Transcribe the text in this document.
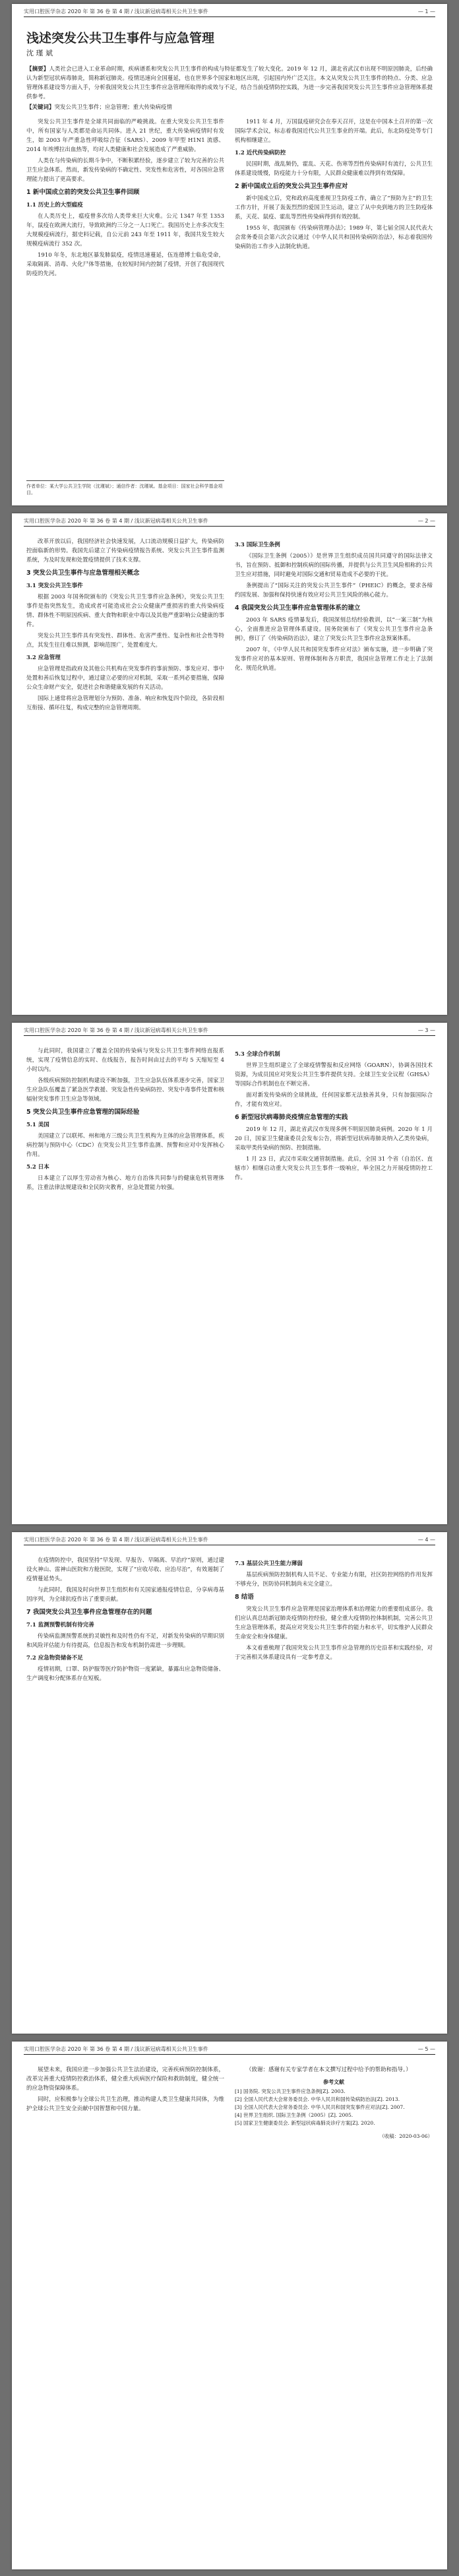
实用口腔医学杂志 2020 年 第 36 卷 第 4 期 / 浅议新冠病毒相关公共卫生事件	— 1 —
浅述突发公共卫生事件与应急管理
沈 瑾 斌
【摘要】人类社会已进入工业革命时期，疾病谱系和突发公共卫生事件的构成与特征都发生了较大变化。2019 年 12 月，湖北省武汉市出现不明原因肺炎，后经确认为新型冠状病毒肺炎，简称新冠肺炎。疫情迅速向全国蔓延，也在世界多个国家和地区出现，引起国内外广泛关注。本文从突发公共卫生事件的特点、分类、应急管理体系建设等方面入手，分析我国突发公共卫生事件应急管理所取得的成效与不足，结合当前疫情防控实践，为进一步完善我国突发公共卫生事件应急管理体系提供参考。
【关键词】突发公共卫生事件；应急管理；重大传染病疫情

突发公共卫生事件是全球共同面临的严峻挑战。在重大突发公共卫生事件中，所有国家与人类都是命运共同体。进入 21 世纪，重大传染病疫情时有发生，如 2003 年严重急性呼吸综合征（SARS）、2009 年甲型 H1N1 流感、2014 年埃博拉出血热等，均对人类健康和社会发展造成了严重威胁。

人类在与传染病的长期斗争中，不断积累经验，逐步建立了较为完善的公共卫生应急体系。然而，新发传染病的不确定性、突发性和危害性，对各国应急管理能力提出了更高要求。

1 新中国成立前的突发公共卫生事件回顾
1.1 历史上的大型瘟疫

在人类历史上，瘟疫曾多次给人类带来巨大灾难。公元 1347 年至 1353 年，鼠疫在欧洲大流行，导致欧洲约三分之一人口死亡。我国历史上亦多次发生大规模疫病流行，据史料记载，自公元前 243 年至 1911 年，我国共发生较大规模疫病流行 352 次。

1910 年冬，东北地区暴发肺鼠疫，疫情迅速蔓延，伍连德博士临危受命，采取隔离、消毒、火化尸体等措施，在较短时间内控制了疫情，开创了我国现代防疫的先河。

1911 年 4 月，万国鼠疫研究会在奉天召开，这是在中国本土召开的第一次国际学术会议，标志着我国近代公共卫生事业的开端。此后，东北防疫处等专门机构相继建立。

1.2 近代传染病防控

民国时期，战乱频仍，霍乱、天花、伤寒等烈性传染病时有流行，公共卫生体系建设缓慢，防疫能力十分有限，人民群众健康难以得到有效保障。

2 新中国成立后的突发公共卫生事件应对

新中国成立后，党和政府高度重视卫生防疫工作，确立了“预防为主”的卫生工作方针，开展了轰轰烈烈的爱国卫生运动，建立了从中央到地方的卫生防疫体系，天花、鼠疫、霍乱等烈性传染病得到有效控制。

1955 年，我国颁布《传染病管理办法》；1989 年，第七届全国人民代表大会常务委员会第六次会议通过《中华人民共和国传染病防治法》，标志着我国传染病防治工作步入法制化轨道。

作者单位：某大学公共卫生学院（沈瑾斌）；通信作者：沈瑾斌。基金项目：国家社会科学基金项目。
实用口腔医学杂志 2020 年 第 36 卷 第 4 期 / 浅议新冠病毒相关公共卫生事件	— 2 —

改革开放以后，我国经济社会快速发展，人口流动规模日益扩大，传染病防控面临新的形势。我国先后建立了传染病疫情报告系统、突发公共卫生事件监测系统，为及时发现和处置疫情提供了技术支撑。

3 突发公共卫生事件与应急管理相关概念
3.1 突发公共卫生事件

根据 2003 年国务院颁布的《突发公共卫生事件应急条例》，突发公共卫生事件是指突然发生，造成或者可能造成社会公众健康严重损害的重大传染病疫情、群体性不明原因疾病、重大食物和职业中毒以及其他严重影响公众健康的事件。

突发公共卫生事件具有突发性、群体性、危害严重性、复杂性和社会性等特点，其发生往往难以预测，影响范围广，处置难度大。

3.2 应急管理

应急管理是指政府及其他公共机构在突发事件的事前预防、事发应对、事中处置和善后恢复过程中，通过建立必要的应对机制，采取一系列必要措施，保障公众生命财产安全，促进社会和谐健康发展的有关活动。

国际上通常将应急管理划分为预防、准备、响应和恢复四个阶段，各阶段相互衔接、循环往复，构成完整的应急管理周期。

3.3 国际卫生条例

《国际卫生条例（2005）》是世界卫生组织成员国共同遵守的国际法律文书，旨在预防、抵御和控制疾病的国际传播，并提供与公共卫生风险相称的公共卫生应对措施，同时避免对国际交通和贸易造成不必要的干扰。

条例提出了“国际关注的突发公共卫生事件”（PHEIC）的概念，要求各缔约国发展、加强和保持快速有效应对公共卫生风险的核心能力。

4 我国突发公共卫生事件应急管理体系的建立

2003 年 SARS 疫情暴发后，我国深刻总结经验教训，以“一案三制”为核心，全面推进应急管理体系建设。国务院颁布了《突发公共卫生事件应急条例》，修订了《传染病防治法》，建立了突发公共卫生事件应急预案体系。

2007 年，《中华人民共和国突发事件应对法》颁布实施，进一步明确了突发事件应对的基本原则、管理体制和各方职责，我国应急管理工作走上了法制化、规范化轨道。

实用口腔医学杂志 2020 年 第 36 卷 第 4 期 / 浅议新冠病毒相关公共卫生事件	— 3 —

与此同时，我国建立了覆盖全国的传染病与突发公共卫生事件网络直报系统，实现了疫情信息的实时、在线报告，报告时间由过去的平均 5 天缩短至 4 小时以内。

各级疾病预防控制机构建设不断加强，卫生应急队伍体系逐步完善，国家卫生应急队伍覆盖了紧急医学救援、突发急性传染病防控、突发中毒事件处置和核辐射突发事件卫生应急等领域。

5 突发公共卫生事件应急管理的国际经验
5.1 美国

美国建立了以联邦、州和地方三级公共卫生机构为主体的应急管理体系，疾病控制与预防中心（CDC）在突发公共卫生事件监测、预警和应对中发挥核心作用。

5.2 日本

日本建立了以厚生劳动省为核心、地方自治体共同参与的健康危机管理体系，注重法律法规建设和全民防灾教育，应急处置能力较强。

5.3 全球合作机制

世界卫生组织建立了全球疫情警报和反应网络（GOARN），协调各国技术资源，为成员国应对突发公共卫生事件提供支持。全球卫生安全议程（GHSA）等国际合作机制也在不断完善。

面对新发传染病的全球挑战，任何国家都无法独善其身，只有加强国际合作，才能有效应对。

6 新型冠状病毒肺炎疫情应急管理的实践

2019 年 12 月，湖北省武汉市发现多例不明原因肺炎病例。2020 年 1 月 20 日，国家卫生健康委员会发布公告，将新型冠状病毒肺炎纳入乙类传染病，采取甲类传染病的预防、控制措施。

1 月 23 日，武汉市采取交通管制措施。此后，全国 31 个省（自治区、直辖市）相继启动重大突发公共卫生事件一级响应，举全国之力开展疫情防控工作。

实用口腔医学杂志 2020 年 第 36 卷 第 4 期 / 浅议新冠病毒相关公共卫生事件	— 4 —

在疫情防控中，我国坚持“早发现、早报告、早隔离、早治疗”原则，通过建设火神山、雷神山医院和方舱医院，实现了“应收尽收、应治尽治”，有效遏制了疫情蔓延势头。

与此同时，我国及时向世界卫生组织和有关国家通报疫情信息，分享病毒基因序列，为全球抗疫作出了重要贡献。

7 我国突发公共卫生事件应急管理存在的问题
7.1 监测预警机制有待完善

传染病监测预警系统的灵敏性和及时性仍有不足，对新发传染病的早期识别和风险评估能力有待提高，信息报告和发布机制仍需进一步理顺。

7.2 应急物资储备不足

疫情初期，口罩、防护服等医疗防护物资一度紧缺，暴露出应急物资储备、生产调度和分配体系存在短板。

7.3 基层公共卫生能力薄弱

基层疾病预防控制机构人员不足、专业能力有限，社区防控网络的作用发挥不够充分，医防协同机制尚未完全建立。

8 结语

突发公共卫生事件应急管理是国家治理体系和治理能力的重要组成部分。我们应认真总结新冠肺炎疫情防控经验，健全重大疫情防控体制机制，完善公共卫生应急管理体系，提高应对突发公共卫生事件的能力和水平，切实维护人民群众生命安全和身体健康。

本文着重梳理了我国突发公共卫生事件应急管理的历史沿革和实践经验，对于完善相关体系建设具有一定参考意义。

实用口腔医学杂志 2020 年 第 36 卷 第 4 期 / 浅议新冠病毒相关公共卫生事件	— 5 —

展望未来，我国应进一步加强公共卫生法治建设，完善疾病预防控制体系，改革完善重大疫情防控救治体系，健全重大疾病医疗保险和救助制度，健全统一的应急物资保障体系。

同时，应积极参与全球公共卫生治理，推动构建人类卫生健康共同体，为维护全球公共卫生安全贡献中国智慧和中国力量。

（致谢：感谢有关专家学者在本文撰写过程中给予的帮助和指导。）

参考文献
[1] 国务院. 突发公共卫生事件应急条例[Z]. 2003.
[2] 全国人民代表大会常务委员会. 中华人民共和国传染病防治法[Z]. 2013.
[3] 全国人民代表大会常务委员会. 中华人民共和国突发事件应对法[Z]. 2007.
[4] 世界卫生组织. 国际卫生条例（2005）[Z]. 2005.
[5] 国家卫生健康委员会. 新型冠状病毒肺炎诊疗方案[Z]. 2020.
（收稿：2020-03-06）
